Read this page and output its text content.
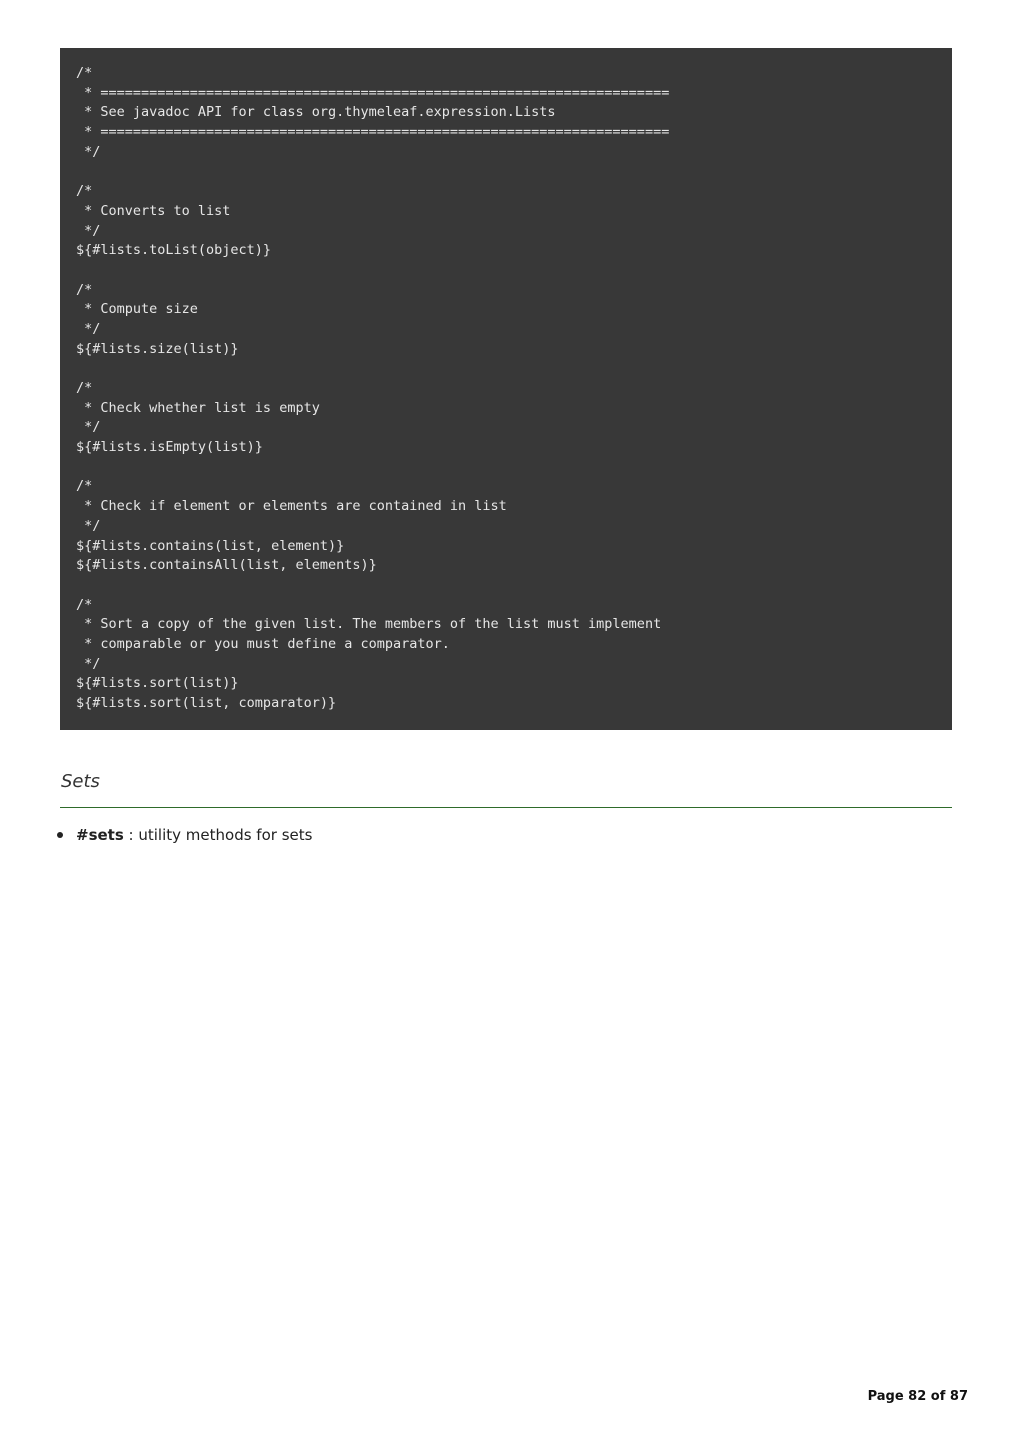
/*
* ======================================================================
* See javadoc API for class org.thymeleaf.expression.Lists
* ======================================================================
*/
/*
* Converts to list
*/
${#lists.toList(object)}
/*
* Compute size
*/
${#lists.size(list)}
/*
* Check whether list is empty
*/
${#lists.isEmpty(list)}
/*
* Check if element or elements are contained in list
*/
${#lists.contains(list, element)}
${#lists.containsAll(list, elements)}
/*
* Sort a copy of the given list. The members of the list must implement
* comparable or you must define a comparator.
*/
${#lists.sort(list)}
${#lists.sort(list, comparator)}
Sets
#sets : utility methods for sets
Page 82 of 87
